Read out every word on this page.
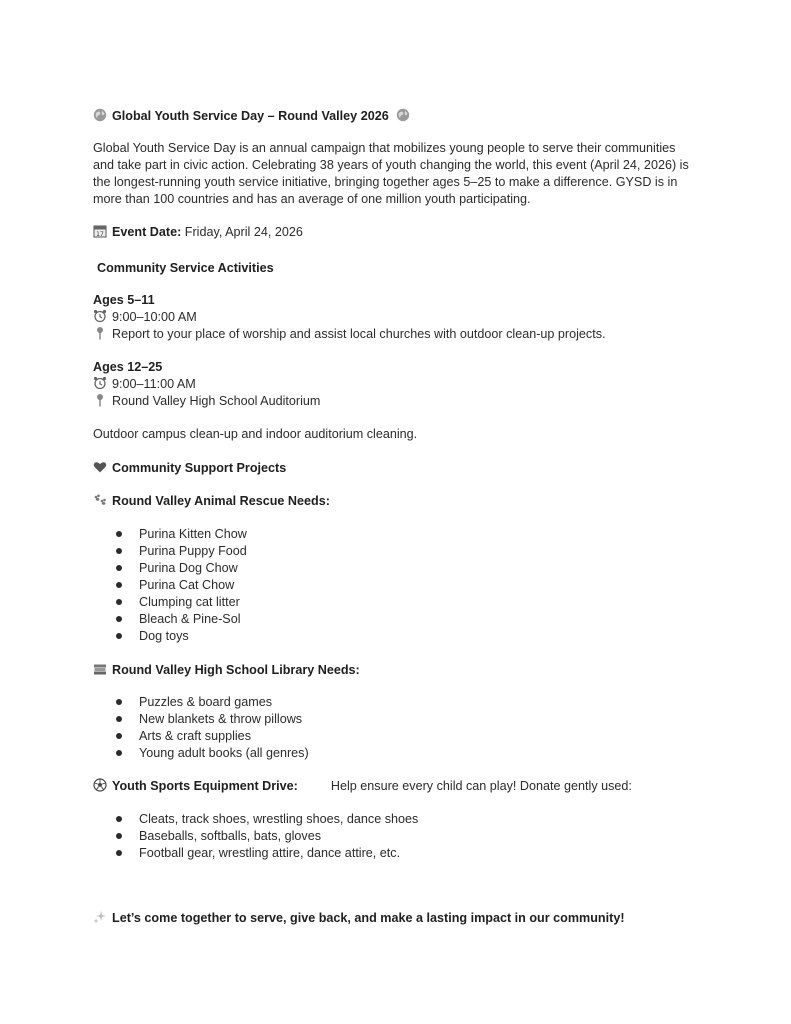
Global Youth Service Day – Round Valley 2026
Global Youth Service Day is an annual campaign that mobilizes young people to serve their communities and take part in civic action. Celebrating 38 years of youth changing the world, this event (April 24, 2026) is the longest-running youth service initiative, bringing together ages 5–25 to make a difference. GYSD is in more than 100 countries and has an average of one million youth participating.
17 Event Date: Friday, April 24, 2026
Community Service Activities
Ages 5–11
9:00–10:00 AM
Report to your place of worship and assist local churches with outdoor clean-up projects.
Ages 12–25
9:00–11:00 AM
Round Valley High School Auditorium
Outdoor campus clean-up and indoor auditorium cleaning.
Community Support Projects
Round Valley Animal Rescue Needs:
Purina Kitten Chow
Purina Puppy Food
Purina Dog Chow
Purina Cat Chow
Clumping cat litter
Bleach & Pine-Sol
Dog toys
Round Valley High School Library Needs:
Puzzles & board games
New blankets & throw pillows
Arts & craft supplies
Young adult books (all genres)
Youth Sports Equipment Drive:	Help ensure every child can play! Donate gently used:
Cleats, track shoes, wrestling shoes, dance shoes
Baseballs, softballs, bats, gloves
Football gear, wrestling attire, dance attire, etc.
Let’s come together to serve, give back, and make a lasting impact in our community!
